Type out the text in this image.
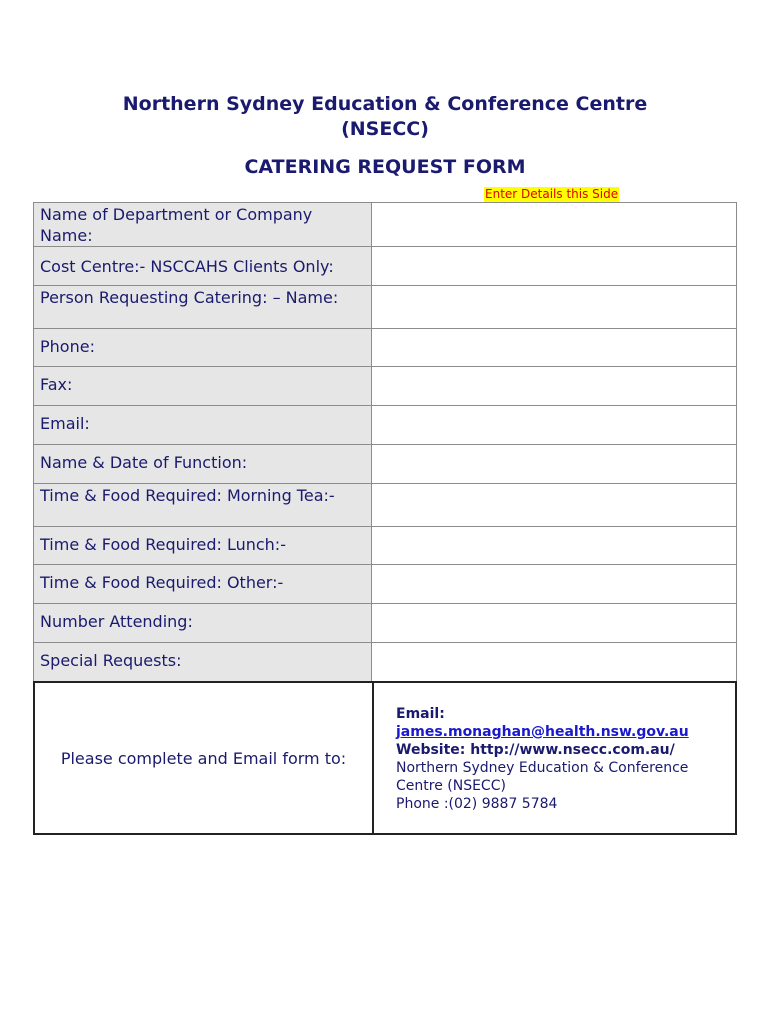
Northern Sydney Education & Conference Centre
(NSECC)
CATERING REQUEST FORM
Enter Details this Side
Name of Department or Company Name:	
Cost Centre:- NSCCAHS Clients Only:	
Person Requesting Catering: – Name:	
Phone:	
Fax:	
Email:	
Name & Date of Function:	
Time & Food Required: Morning Tea:-	
Time & Food Required: Lunch:-	
Time & Food Required: Other:-	
Number Attending:	
Special Requests:	
Please complete and Email form to:
Email:
james.monaghan@health.nsw.gov.au
Website: http://www.nsecc.com.au/
Northern Sydney Education & Conference
Centre (NSECC)
Phone :(02) 9887 5784
